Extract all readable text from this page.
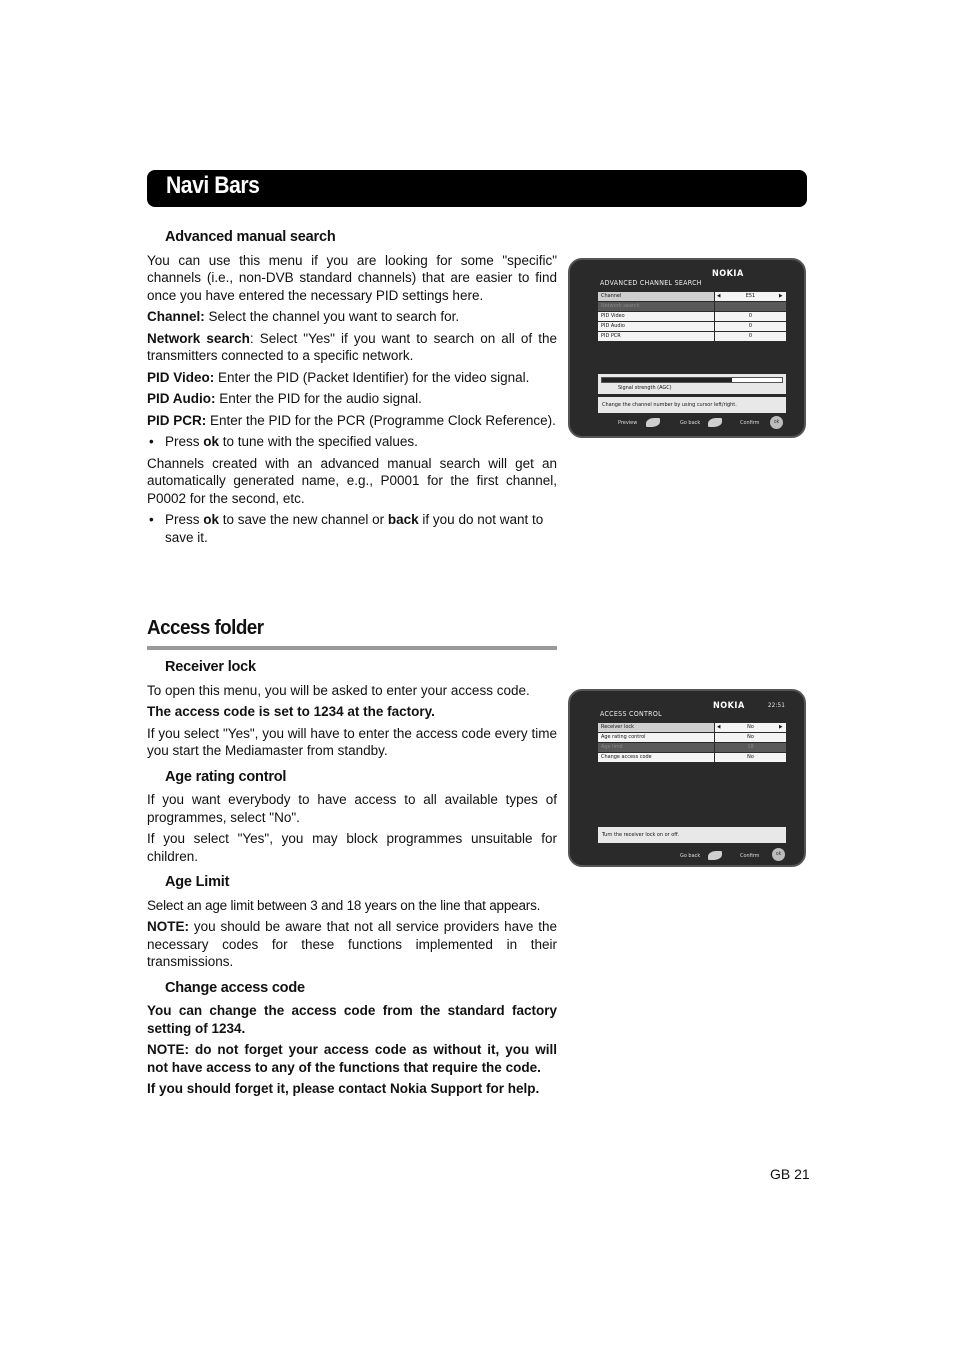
Navi Bars
Advanced manual search

You can use this menu if you are looking for some "specific" channels (i.e., non-DVB standard channels) that are easier to find once you have entered the necessary PID settings here.

Channel: Select the channel you want to search for.

Network search: Select "Yes" if you want to search on all of the transmitters connected to a specific network.

PID Video: Enter the PID (Packet Identifier) for the video signal.

PID Audio: Enter the PID for the audio signal.

PID PCR: Enter the PID for the PCR (Programme Clock Reference).

• Press ok to tune with the specified values.

Channels created with an advanced manual search will get an automatically generated name, e.g., P0001 for the first channel, P0002 for the second, etc.

• Press ok to save the new channel or back if you do not want to save it.

NOKIA
ADVANCED CHANNEL SEARCH
Channel	E51
◀	▶
Network search
PID Video	0
PID Audio	0
PID PCR	0
Signal strength (AGC)
Change the channel number by using cursor left/right.
Preview	Go back	Confirm	ok
Access folder
Receiver lock

To open this menu, you will be asked to enter your access code.

The access code is set to 1234 at the factory.

If you select "Yes", you will have to enter the access code every time you start the Mediamaster from standby.

Age rating control

If you want everybody to have access to all available types of programmes, select "No".

If you select "Yes", you may block programmes unsuitable for children.

Age Limit

Select an age limit between 3 and 18 years on the line that appears.

NOTE: you should be aware that not all service providers have the necessary codes for these functions implemented in their transmissions.

Change access code

You can change the access code from the standard factory setting of 1234.

NOTE: do not forget your access code as without it, you will not have access to any of the functions that require the code.

If you should forget it, please contact Nokia Support for help.

NOKIA	22:51
ACCESS CONTROL
Receiver lock	No
◀	▶
Age rating control	No
Age limit	18
Change access code	No
Turn the receiver lock on or off.
Go back	Confirm	ok
GB 21
